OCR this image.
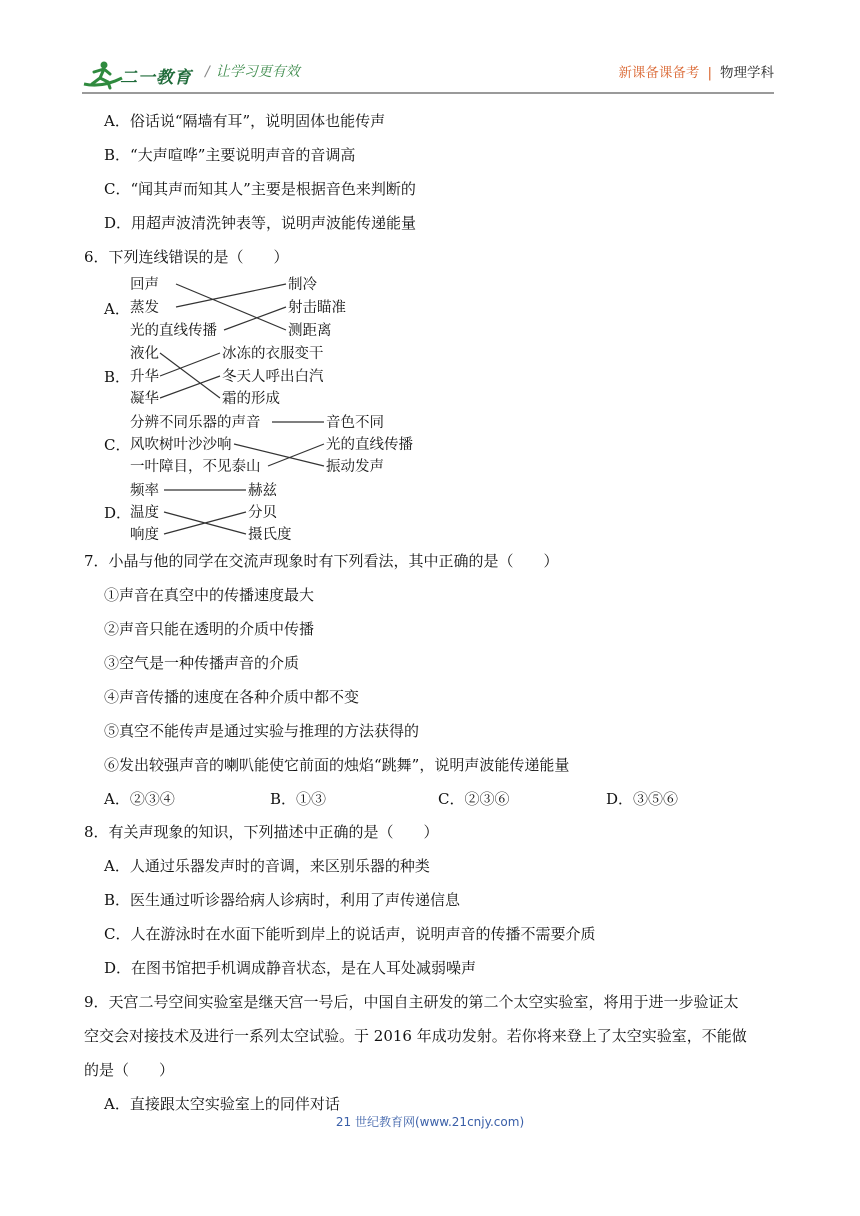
二一教育 / 让学习更有效	新课备课备考 | 物理学科
A．俗话说“隔墙有耳”，说明固体也能传声
B．“大声喧哗”主要说明声音的音调高
C．“闻其声而知其人”主要是根据音色来判断的
D．用超声波清洗钟表等，说明声波能传递能量
6．下列连线错误的是（　　）
A．
回声
蒸发
光的直线传播
制冷
射击瞄准
测距离
B．
液化
升华
凝华
冰冻的衣服变干
冬天人呼出白汽
霜的形成
C．
分辨不同乐器的声音
风吹树叶沙沙响
一叶障目，不见泰山
音色不同
光的直线传播
振动发声
D．
频率
温度
响度
赫兹
分贝
摄氏度
7．小晶与他的同学在交流声现象时有下列看法，其中正确的是（　　）
①声音在真空中的传播速度最大
②声音只能在透明的介质中传播
③空气是一种传播声音的介质
④声音传播的速度在各种介质中都不变
⑤真空不能传声是通过实验与推理的方法获得的
⑥发出较强声音的喇叭能使它前面的烛焰“跳舞”，说明声波能传递能量
A．②③④	B．①③	C．②③⑥	D．③⑤⑥
8．有关声现象的知识，下列描述中正确的是（　　）
A．人通过乐器发声时的音调，来区别乐器的种类
B．医生通过听诊器给病人诊病时，利用了声传递信息
C．人在游泳时在水面下能听到岸上的说话声，说明声音的传播不需要介质
D．在图书馆把手机调成静音状态，是在人耳处减弱噪声
9．天宫二号空间实验室是继天宫一号后，中国自主研发的第二个太空实验室，将用于进一步验证太
空交会对接技术及进行一系列太空试验。于 2016 年成功发射。若你将来登上了太空实验室，不能做
的是（　　）
A．直接跟太空实验室上的同伴对话
21 世纪教育网(www.21cnjy.com)
